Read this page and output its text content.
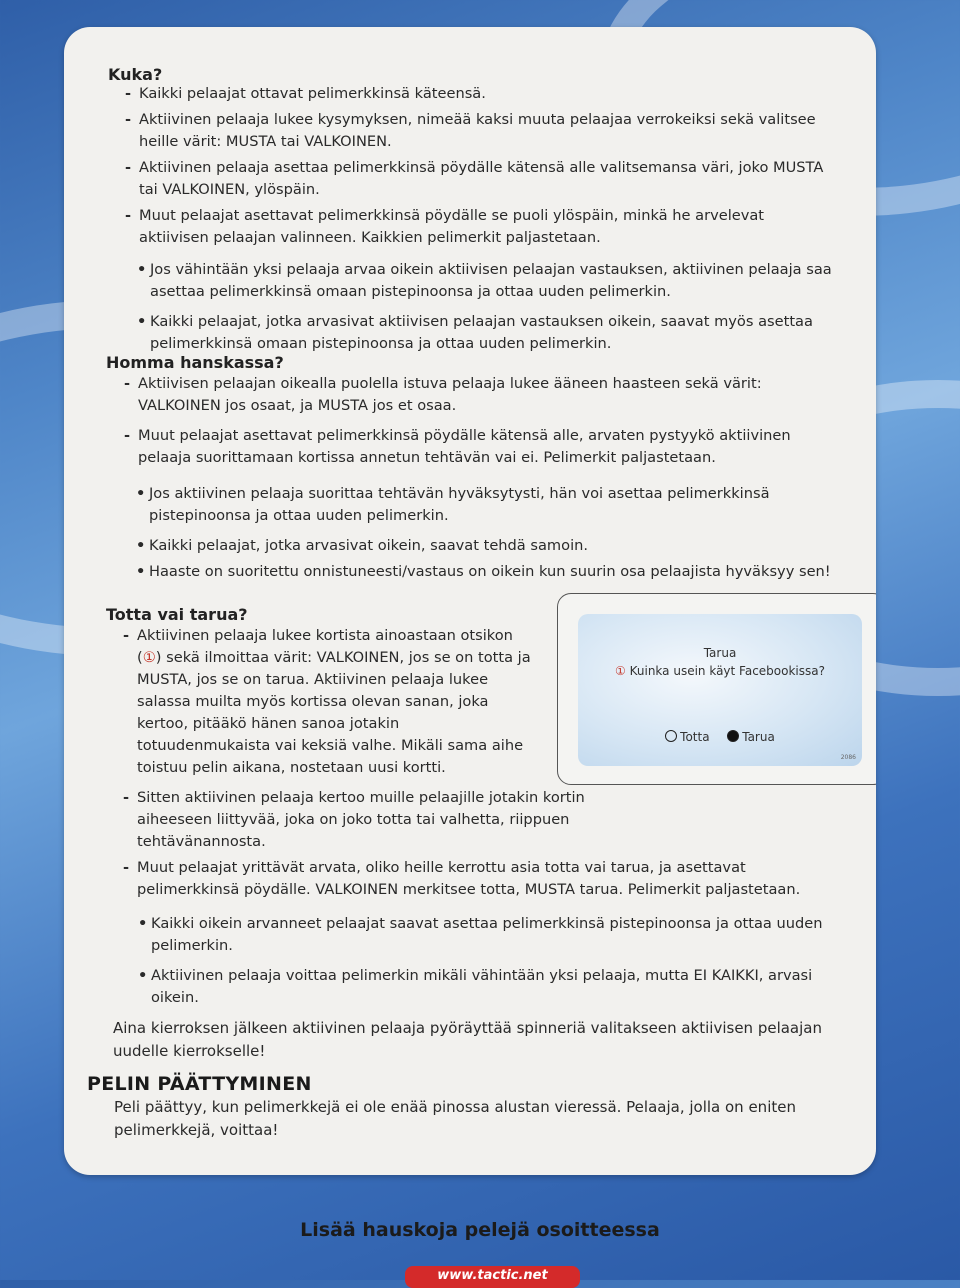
Kuka?
- Kaikki pelaajat ottavat pelimerkkinsä käteensä.
- Aktiivinen pelaaja lukee kysymyksen, nimeää kaksi muuta pelaajaa verrokeiksi sekä valitsee heille värit: MUSTA tai VALKOINEN.
- Aktiivinen pelaaja asettaa pelimerkkinsä pöydälle kätensä alle valitsemansa väri, joko MUSTA tai VALKOINEN, ylöspäin.
- Muut pelaajat asettavat pelimerkkinsä pöydälle se puoli ylöspäin, minkä he arvelevat aktiivisen pelaajan valinneen. Kaikkien pelimerkit paljastetaan.
• Jos vähintään yksi pelaaja arvaa oikein aktiivisen pelaajan vastauksen, aktiivinen pelaaja saa asettaa pelimerkkinsä omaan pistepinoonsa ja ottaa uuden pelimerkin.
• Kaikki pelaajat, jotka arvasivat aktiivisen pelaajan vastauksen oikein, saavat myös asettaa pelimerkkinsä omaan pistepinoonsa ja ottaa uuden pelimerkin.
Homma hanskassa?
- Aktiivisen pelaajan oikealla puolella istuva pelaaja lukee ääneen haasteen sekä värit: VALKOINEN jos osaat, ja MUSTA jos et osaa.
- Muut pelaajat asettavat pelimerkkinsä pöydälle kätensä alle, arvaten pystyykö aktiivinen pelaaja suorittamaan kortissa annetun tehtävän vai ei. Pelimerkit paljastetaan.
• Jos aktiivinen pelaaja suorittaa tehtävän hyväksytysti, hän voi asettaa pelimerkkinsä pistepinoonsa ja ottaa uuden pelimerkin.
• Kaikki pelaajat, jotka arvasivat oikein, saavat tehdä samoin.
• Haaste on suoritettu onnistuneesti/vastaus on oikein kun suurin osa pelaajista hyväksyy sen!
Totta vai tarua?
- Aktiivinen pelaaja lukee kortista ainoastaan otsikon (①) sekä ilmoittaa värit: VALKOINEN, jos se on totta ja MUSTA, jos se on tarua. Aktiivinen pelaaja lukee salassa muilta myös kortissa olevan sanan, joka kertoo, pitääkö hänen sanoa jotakin totuudenmukaista vai keksiä valhe. Mikäli sama aihe toistuu pelin aikana, nostetaan uusi kortti.
- Sitten aktiivinen pelaaja kertoo muille pelaajille jotakin kortin aiheeseen liittyvää, joka on joko totta tai valhetta, riippuen tehtävänannosta.
- Muut pelaajat yrittävät arvata, oliko heille kerrottu asia totta vai tarua, ja asettavat pelimerkkinsä pöydälle. VALKOINEN merkitsee totta, MUSTA tarua. Pelimerkit paljastetaan.
• Kaikki oikein arvanneet pelaajat saavat asettaa pelimerkkinsä pistepinoonsa ja ottaa uuden pelimerkin.
• Aktiivinen pelaaja voittaa pelimerkin mikäli vähintään yksi pelaaja, mutta EI KAIKKI, arvasi oikein.
Aina kierroksen jälkeen aktiivinen pelaaja pyöräyttää spinneriä valitakseen aktiivisen pelaajan uudelle kierrokselle!
Tarua
① Kuinka usein käyt Facebookissa?
Totta	Tarua
2086
PELIN PÄÄTTYMINEN
Peli päättyy, kun pelimerkkejä ei ole enää pinossa alustan vieressä. Pelaaja, jolla on eniten pelimerkkejä, voittaa!
Lisää hauskoja pelejä osoitteessa
www.tactic.net
